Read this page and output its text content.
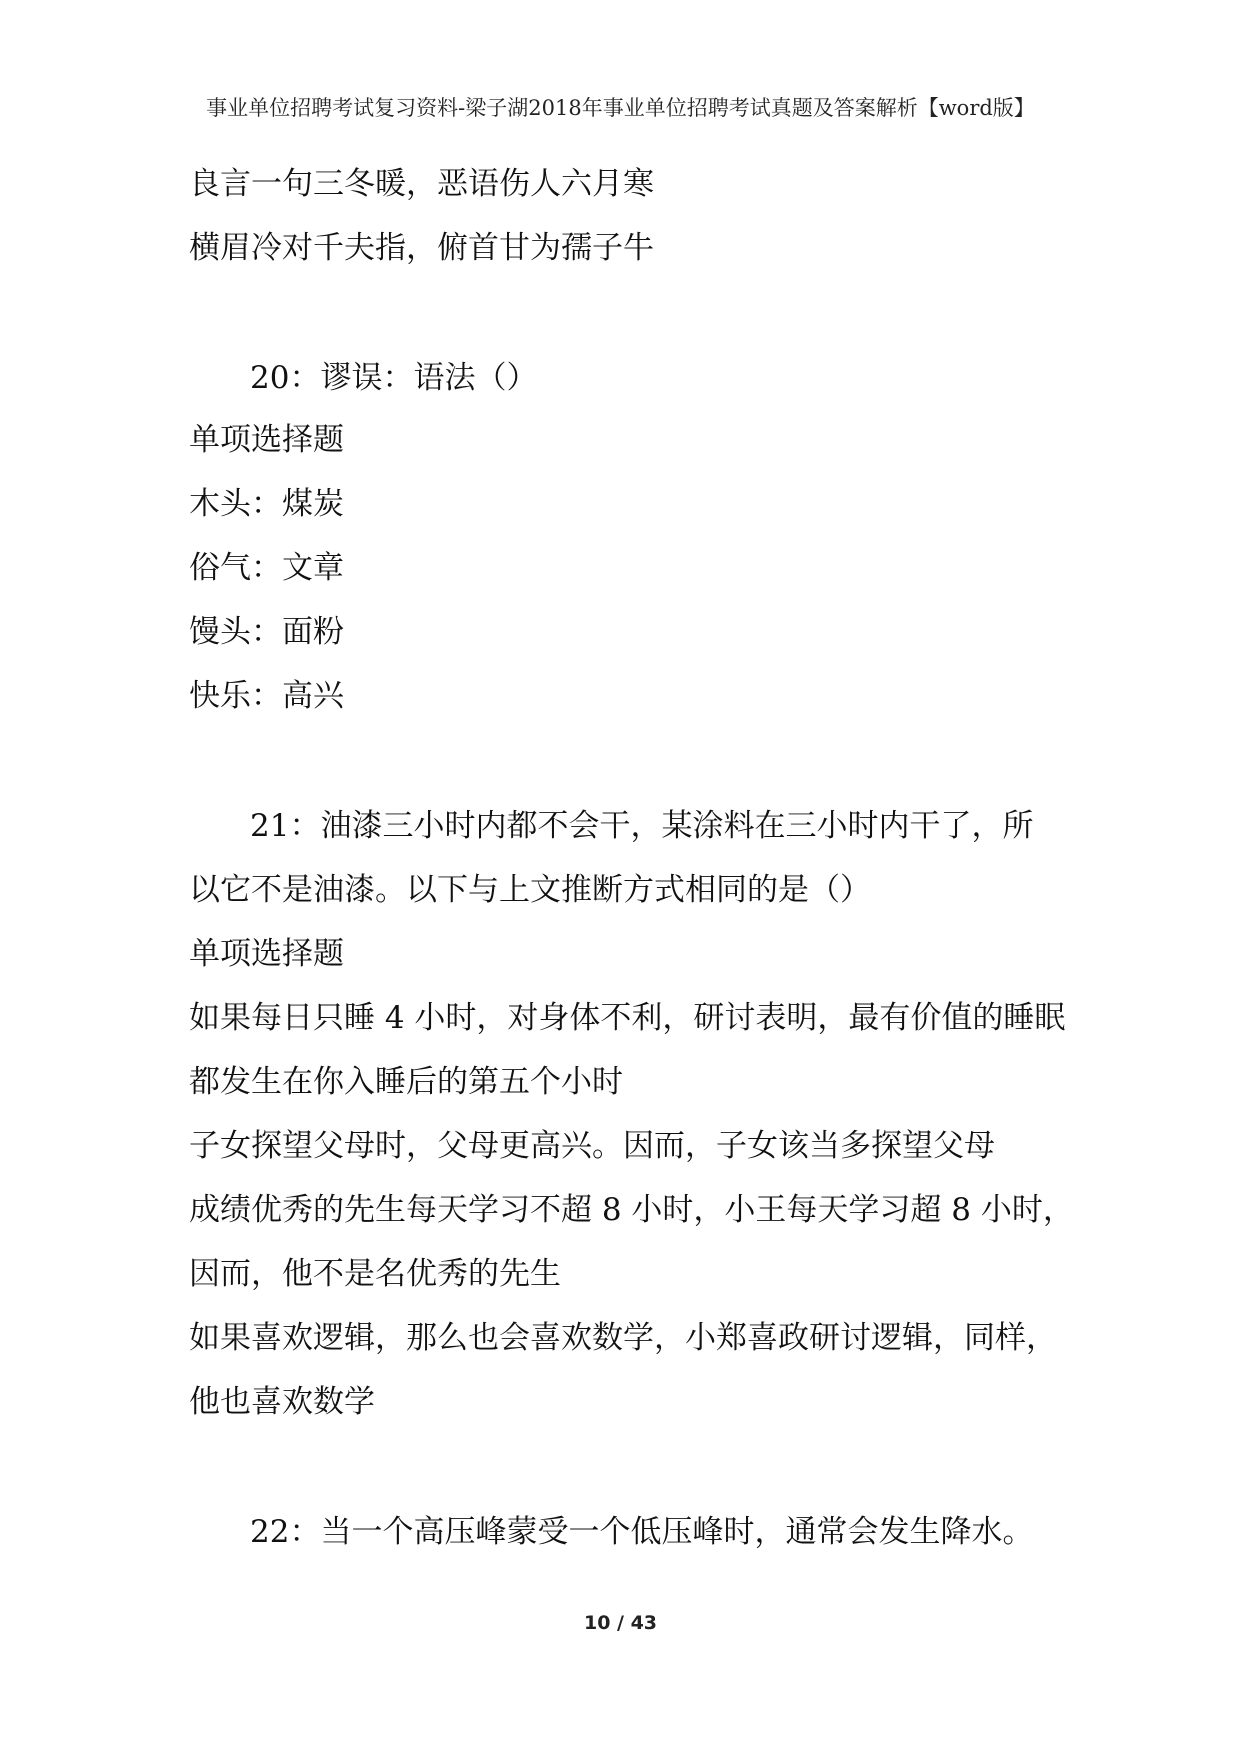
事业单位招聘考试复习资料-梁子湖2018年事业单位招聘考试真题及答案解析【word版】
良言一句三冬暖，恶语伤人六月寒
横眉冷对千夫指，俯首甘为孺子牛
20：谬误：语法（）
单项选择题
木头：煤炭
俗气：文章
馒头：面粉
快乐：高兴
21：油漆三小时内都不会干，某涂料在三小时内干了，所
以它不是油漆。以下与上文推断方式相同的是（）
单项选择题
如果每日只睡 4 小时，对身体不利，研讨表明，最有价值的睡眠
都发生在你入睡后的第五个小时
子女探望父母时，父母更高兴。因而，子女该当多探望父母
成绩优秀的先生每天学习不超 8 小时，小王每天学习超 8 小时，
因而，他不是名优秀的先生
如果喜欢逻辑，那么也会喜欢数学，小郑喜政研讨逻辑，同样，
他也喜欢数学
22：当一个高压峰蒙受一个低压峰时，通常会发生降水。
10 / 43
